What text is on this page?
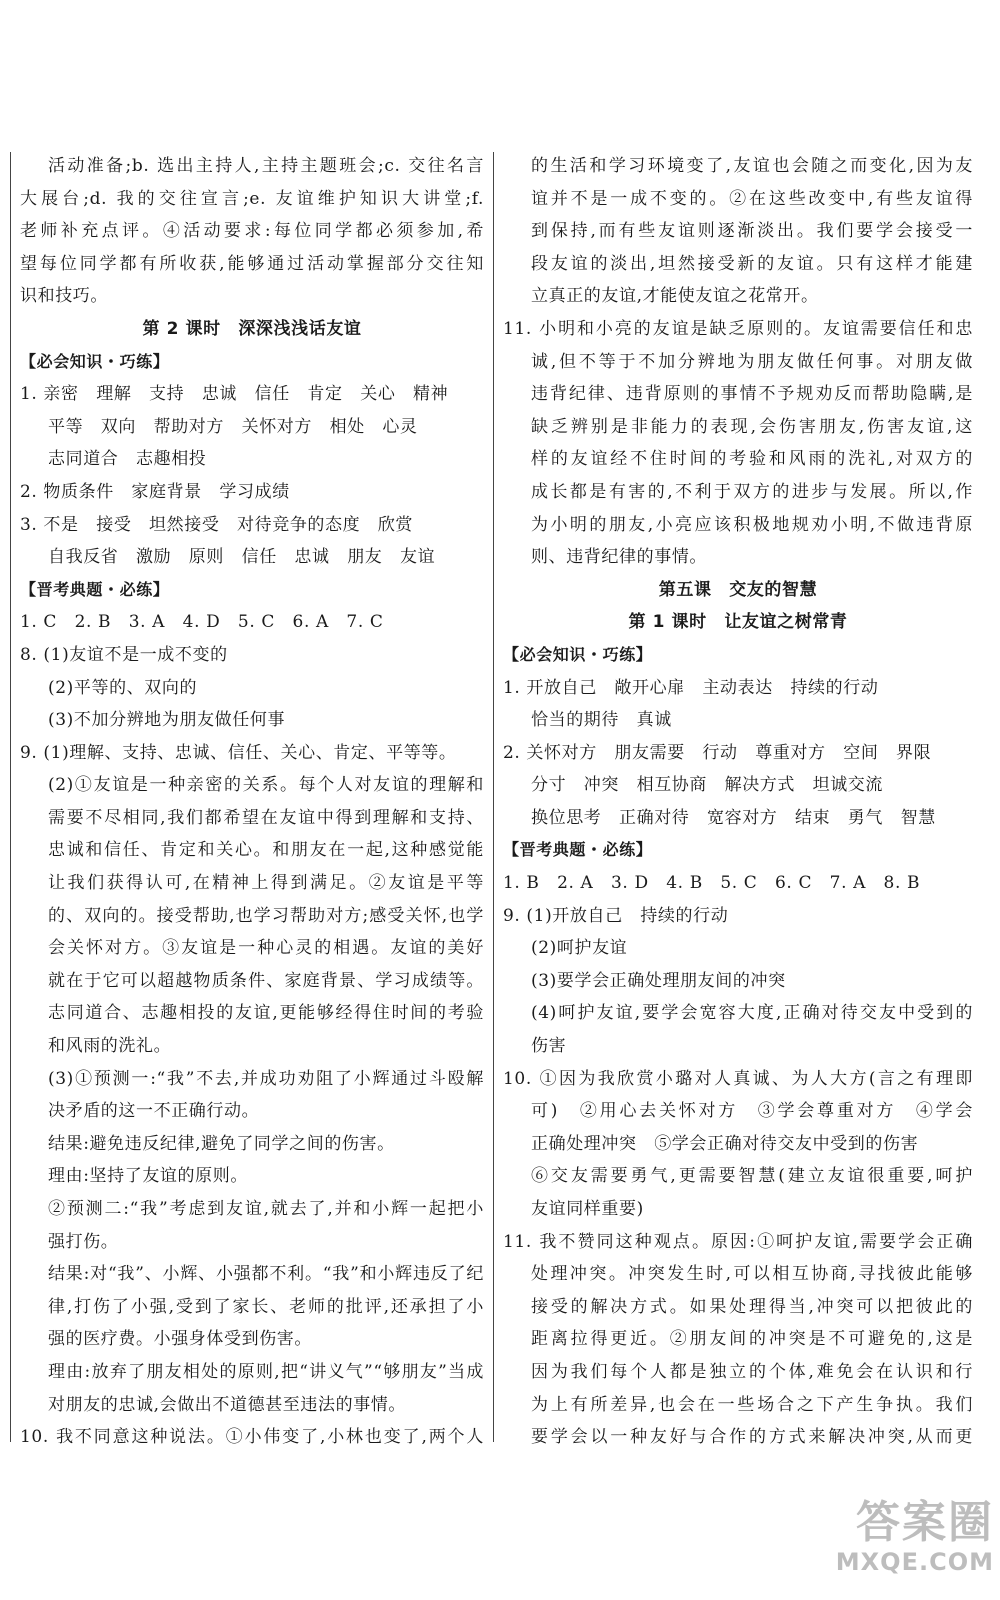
活动准备;b. 选出主持人,主持主题班会;c. 交往名言
大展台;d. 我的交往宣言;e. 友谊维护知识大讲堂;f.
老师补充点评。④活动要求:每位同学都必须参加,希
望每位同学都有所收获,能够通过活动掌握部分交往知
识和技巧。
第 2 课时　深深浅浅话友谊
【必会知识・巧练】
1. 亲密　理解　支持　忠诚　信任　肯定　关心　精神
平等　双向　帮助对方　关怀对方　相处　心灵
志同道合　志趣相投
2. 物质条件　家庭背景　学习成绩
3. 不是　接受　坦然接受　对待竞争的态度　欣赏
自我反省　激励　原则　信任　忠诚　朋友　友谊
【晋考典题・必练】
1. C　2. B　3. A　4. D　5. C　6. A　7. C
8. (1)友谊不是一成不变的
(2)平等的、双向的
(3)不加分辨地为朋友做任何事
9. (1)理解、支持、忠诚、信任、关心、肯定、平等等。
(2)①友谊是一种亲密的关系。每个人对友谊的理解和
需要不尽相同,我们都希望在友谊中得到理解和支持、
忠诚和信任、肯定和关心。和朋友在一起,这种感觉能
让我们获得认可,在精神上得到满足。②友谊是平等
的、双向的。接受帮助,也学习帮助对方;感受关怀,也学
会关怀对方。③友谊是一种心灵的相遇。友谊的美好
就在于它可以超越物质条件、家庭背景、学习成绩等。
志同道合、志趣相投的友谊,更能够经得住时间的考验
和风雨的洗礼。
(3)①预测一:“我”不去,并成功劝阻了小辉通过斗殴解
决矛盾的这一不正确行动。
结果:避免违反纪律,避免了同学之间的伤害。
理由:坚持了友谊的原则。
②预测二:“我”考虑到友谊,就去了,并和小辉一起把小
强打伤。
结果:对“我”、小辉、小强都不利。“我”和小辉违反了纪
律,打伤了小强,受到了家长、老师的批评,还承担了小
强的医疗费。小强身体受到伤害。
理由:放弃了朋友相处的原则,把“讲义气”“够朋友”当成
对朋友的忠诚,会做出不道德甚至违法的事情。
10. 我不同意这种说法。①小伟变了,小林也变了,两个人
的生活和学习环境变了,友谊也会随之而变化,因为友
谊并不是一成不变的。②在这些改变中,有些友谊得
到保持,而有些友谊则逐渐淡出。我们要学会接受一
段友谊的淡出,坦然接受新的友谊。只有这样才能建
立真正的友谊,才能使友谊之花常开。
11. 小明和小亮的友谊是缺乏原则的。友谊需要信任和忠
诚,但不等于不加分辨地为朋友做任何事。对朋友做
违背纪律、违背原则的事情不予规劝反而帮助隐瞒,是
缺乏辨别是非能力的表现,会伤害朋友,伤害友谊,这
样的友谊经不住时间的考验和风雨的洗礼,对双方的
成长都是有害的,不利于双方的进步与发展。所以,作
为小明的朋友,小亮应该积极地规劝小明,不做违背原
则、违背纪律的事情。
第五课　交友的智慧
第 1 课时　让友谊之树常青
【必会知识・巧练】
1. 开放自己　敞开心扉　主动表达　持续的行动
恰当的期待　真诚
2. 关怀对方　朋友需要　行动　尊重对方　空间　界限
分寸　冲突　相互协商　解决方式　坦诚交流
换位思考　正确对待　宽容对方　结束　勇气　智慧
【晋考典题・必练】
1. B　2. A　3. D　4. B　5. C　6. C　7. A　8. B
9. (1)开放自己　持续的行动
(2)呵护友谊
(3)要学会正确处理朋友间的冲突
(4)呵护友谊,要学会宽容大度,正确对待交友中受到的
伤害
10. ①因为我欣赏小璐对人真诚、为人大方(言之有理即
可)　②用心去关怀对方　③学会尊重对方　④学会
正确处理冲突　⑤学会正确对待交友中受到的伤害
⑥交友需要勇气,更需要智慧(建立友谊很重要,呵护
友谊同样重要)
11. 我不赞同这种观点。原因:①呵护友谊,需要学会正确
处理冲突。冲突发生时,可以相互协商,寻找彼此能够
接受的解决方式。如果处理得当,冲突可以把彼此的
距离拉得更近。②朋友间的冲突是不可避免的,这是
因为我们每个人都是独立的个体,难免会在认识和行
为上有所差异,也会在一些场合之下产生争执。我们
要学会以一种友好与合作的方式来解决冲突,从而更
答案圈
MXQE.COM
